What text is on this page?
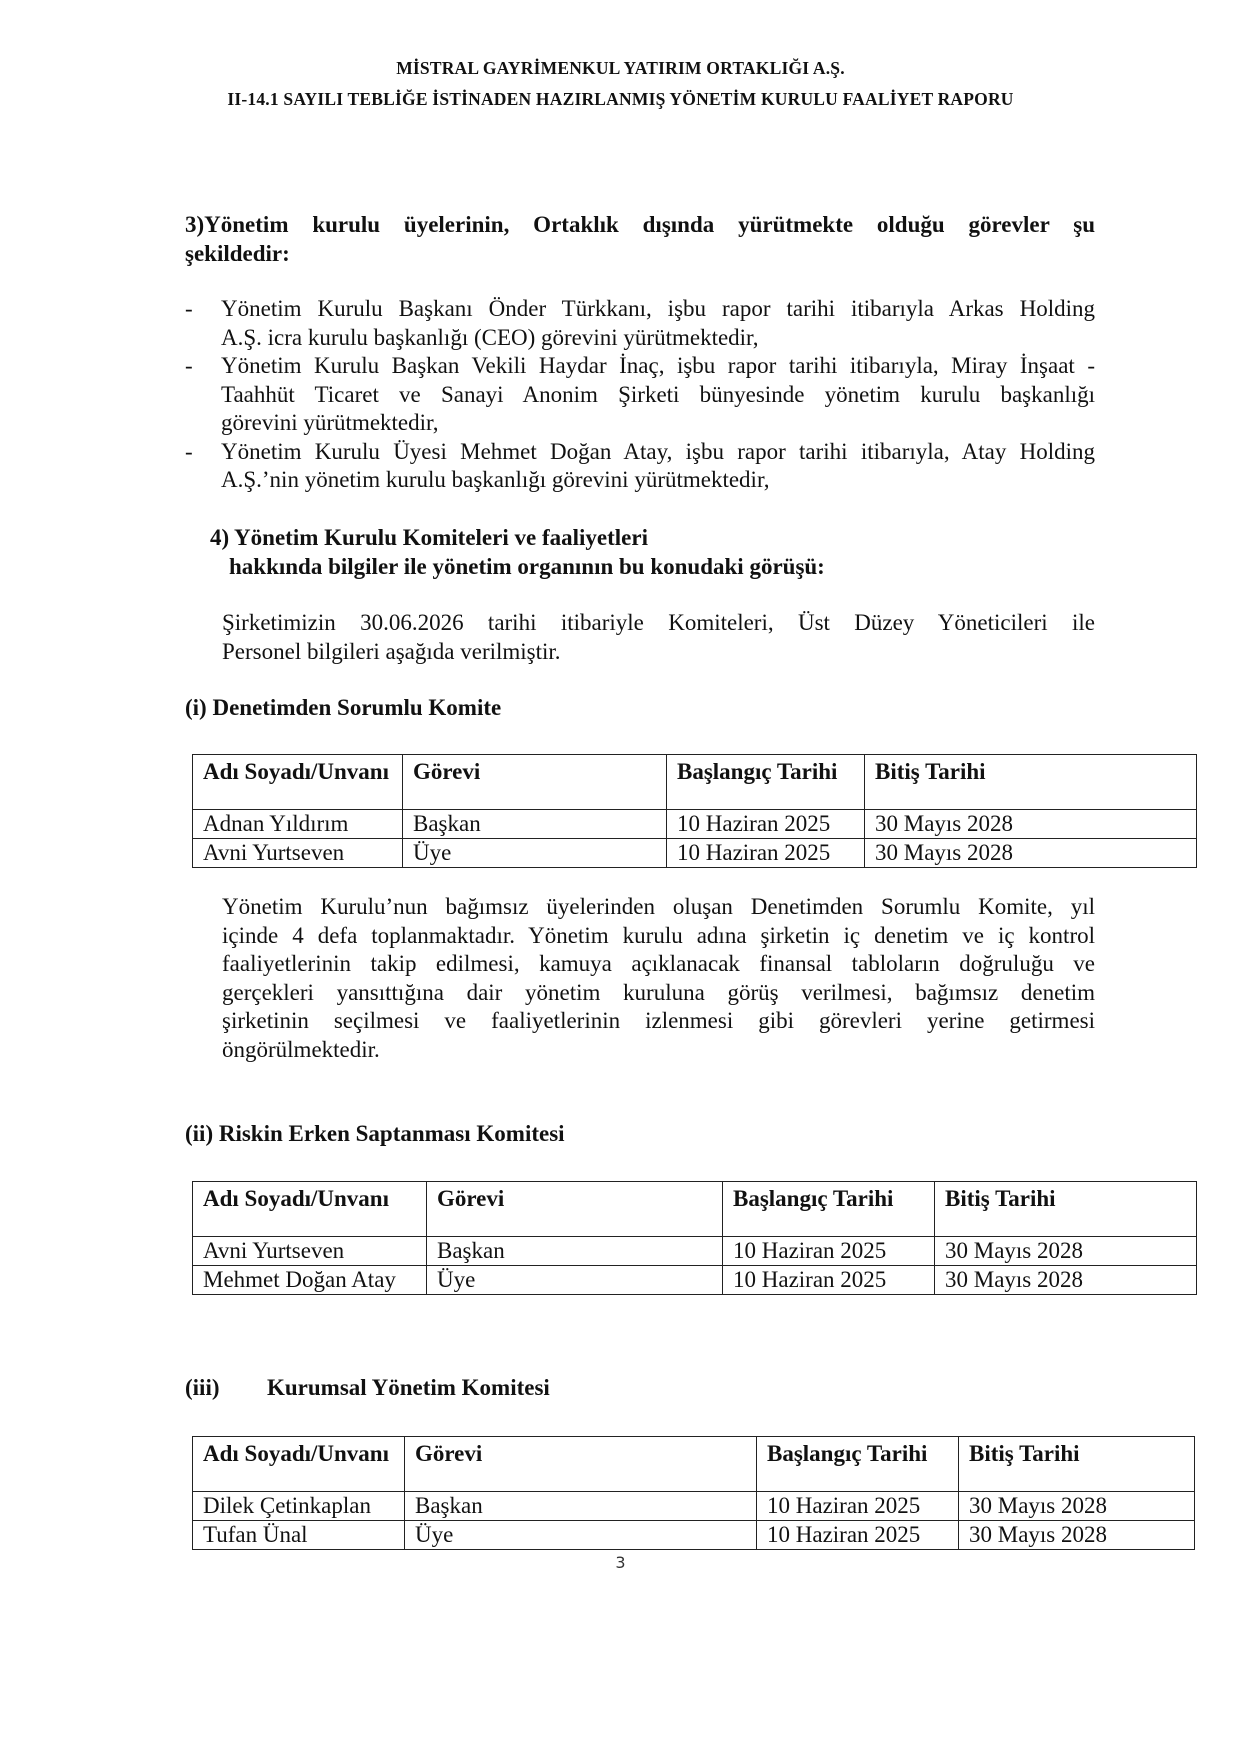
MİSTRAL GAYRİMENKUL YATIRIM ORTAKLIĞI A.Ş.
II-14.1 SAYILI TEBLİĞE İSTİNADEN HAZIRLANMIŞ YÖNETİM KURULU FAALİYET RAPORU
3)Yönetim kurulu üyelerinin, Ortaklık dışında yürütmekte olduğu görevler şu
şekildedir:
- Yönetim Kurulu Başkanı Önder Türkkanı, işbu rapor tarihi itibarıyla Arkas Holding
A.Ş. icra kurulu başkanlığı (CEO) görevini yürütmektedir,
- Yönetim Kurulu Başkan Vekili Haydar İnaç, işbu rapor tarihi itibarıyla, Miray İnşaat -
Taahhüt Ticaret ve Sanayi Anonim Şirketi bünyesinde yönetim kurulu başkanlığı
görevini yürütmektedir,
- Yönetim Kurulu Üyesi Mehmet Doğan Atay, işbu rapor tarihi itibarıyla, Atay Holding
A.Ş.’nin yönetim kurulu başkanlığı görevini yürütmektedir,
4) Yönetim Kurulu Komiteleri ve faaliyetleri
hakkında bilgiler ile yönetim organının bu konudaki görüşü:
Şirketimizin 30.06.2026 tarihi itibariyle Komiteleri, Üst Düzey Yöneticileri ile
Personel bilgileri aşağıda verilmiştir.
(i) Denetimden Sorumlu Komite
Adı Soyadı/Unvanı	Görevi	Başlangıç Tarihi	Bitiş Tarihi
Adnan Yıldırım	Başkan	10 Haziran 2025	30 Mayıs 2028
Avni Yurtseven	Üye	10 Haziran 2025	30 Mayıs 2028
Yönetim Kurulu’nun bağımsız üyelerinden oluşan Denetimden Sorumlu Komite, yıl
içinde 4 defa toplanmaktadır. Yönetim kurulu adına şirketin iç denetim ve iç kontrol
faaliyetlerinin takip edilmesi, kamuya açıklanacak finansal tabloların doğruluğu ve
gerçekleri yansıttığına dair yönetim kuruluna görüş verilmesi, bağımsız denetim
şirketinin seçilmesi ve faaliyetlerinin izlenmesi gibi görevleri yerine getirmesi
öngörülmektedir.
(ii) Riskin Erken Saptanması Komitesi
Adı Soyadı/Unvanı	Görevi	Başlangıç Tarihi	Bitiş Tarihi
Avni Yurtseven	Başkan	10 Haziran 2025	30 Mayıs 2028
Mehmet Doğan Atay	Üye	10 Haziran 2025	30 Mayıs 2028
(iii) Kurumsal Yönetim Komitesi
Adı Soyadı/Unvanı	Görevi	Başlangıç Tarihi	Bitiş Tarihi
Dilek Çetinkaplan	Başkan	10 Haziran 2025	30 Mayıs 2028
Tufan Ünal	Üye	10 Haziran 2025	30 Mayıs 2028
3
